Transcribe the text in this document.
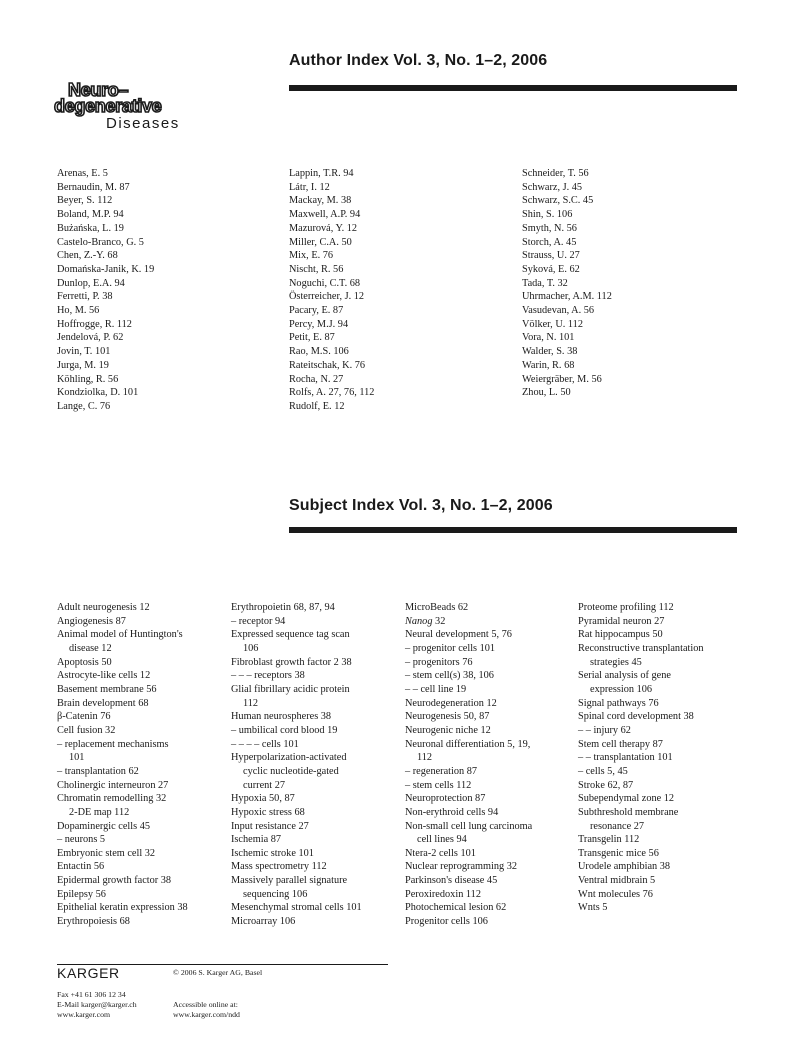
Author Index Vol. 3, No. 1–2, 2006
Neuro–
degenerative
Diseases
Arenas, E. 5
Bernaudin, M. 87
Beyer, S. 112
Boland, M.P. 94
Bużańska, L. 19
Castelo-Branco, G. 5
Chen, Z.-Y. 68
Domańska-Janik, K. 19
Dunlop, E.A. 94
Ferretti, P. 38
Ho, M. 56
Hoffrogge, R. 112
Jendelová, P. 62
Jovin, T. 101
Jurga, M. 19
Köhling, R. 56
Kondziolka, D. 101
Lange, C. 76
Lappin, T.R. 94
Látr, I. 12
Mackay, M. 38
Maxwell, A.P. 94
Mazurová, Y. 12
Miller, C.A. 50
Mix, E. 76
Nischt, R. 56
Noguchi, C.T. 68
Österreicher, J. 12
Pacary, E. 87
Percy, M.J. 94
Petit, E. 87
Rao, M.S. 106
Rateitschak, K. 76
Rocha, N. 27
Rolfs, A. 27, 76, 112
Rudolf, E. 12
Schneider, T. 56
Schwarz, J. 45
Schwarz, S.C. 45
Shin, S. 106
Smyth, N. 56
Storch, A. 45
Strauss, U. 27
Syková, E. 62
Tada, T. 32
Uhrmacher, A.M. 112
Vasudevan, A. 56
Völker, U. 112
Vora, N. 101
Walder, S. 38
Warin, R. 68
Weiergräber, M. 56
Zhou, L. 50
Subject Index Vol. 3, No. 1–2, 2006
Adult neurogenesis 12
Angiogenesis 87
Animal model of Huntington's
disease 12
Apoptosis 50
Astrocyte-like cells 12
Basement membrane 56
Brain development 68
β-Catenin 76
Cell fusion 32
– replacement mechanisms
101
– transplantation 62
Cholinergic interneuron 27
Chromatin remodelling 32
2-DE map 112
Dopaminergic cells 45
– neurons 5
Embryonic stem cell 32
Entactin 56
Epidermal growth factor 38
Epilepsy 56
Epithelial keratin expression 38
Erythropoiesis 68
Erythropoietin 68, 87, 94
– receptor 94
Expressed sequence tag scan
106
Fibroblast growth factor 2 38
– – – receptors 38
Glial fibrillary acidic protein
112
Human neurospheres 38
– umbilical cord blood 19
– – – – cells 101
Hyperpolarization-activated
cyclic nucleotide-gated
current 27
Hypoxia 50, 87
Hypoxic stress 68
Input resistance 27
Ischemia 87
Ischemic stroke 101
Mass spectrometry 112
Massively parallel signature
sequencing 106
Mesenchymal stromal cells 101
Microarray 106
MicroBeads 62
Nanog 32
Neural development 5, 76
– progenitor cells 101
– progenitors 76
– stem cell(s) 38, 106
– – cell line 19
Neurodegeneration 12
Neurogenesis 50, 87
Neurogenic niche 12
Neuronal differentiation 5, 19,
112
– regeneration 87
– stem cells 112
Neuroprotection 87
Non-erythroid cells 94
Non-small cell lung carcinoma
cell lines 94
Ntera-2 cells 101
Nuclear reprogramming 32
Parkinson's disease 45
Peroxiredoxin 112
Photochemical lesion 62
Progenitor cells 106
Proteome profiling 112
Pyramidal neuron 27
Rat hippocampus 50
Reconstructive transplantation
strategies 45
Serial analysis of gene
expression 106
Signal pathways 76
Spinal cord development 38
– – injury 62
Stem cell therapy 87
– – transplantation 101
– cells 5, 45
Stroke 62, 87
Subependymal zone 12
Subthreshold membrane
resonance 27
Transgelin 112
Transgenic mice 56
Urodele amphibian 38
Ventral midbrain 5
Wnt molecules 76
Wnts 5
KARGER	© 2006 S. Karger AG, Basel
Fax +41 61 306 12 34
E-Mail karger@karger.ch
www.karger.com
Accessible online at:
www.karger.com/ndd
